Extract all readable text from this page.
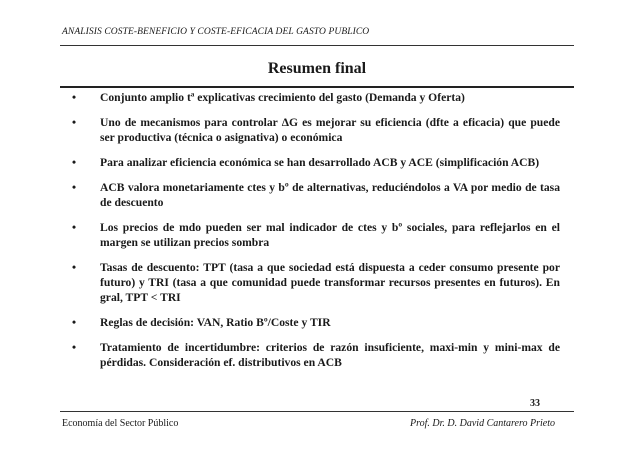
ANALISIS COSTE-BENEFICIO Y COSTE-EFICACIA DEL GASTO PUBLICO
Resumen final
• Conjunto amplio tª explicativas crecimiento del gasto (Demanda y Oferta)
• Uno de mecanismos para controlar ΔG es mejorar su eficiencia (dfte a eficacia) que puede ser productiva (técnica o asignativa) o económica
• Para analizar eficiencia económica se han desarrollado ACB y ACE (simplificación ACB)
• ACB valora monetariamente ctes y bº de alternativas, reduciéndolos a VA por medio de tasa de descuento
• Los precios de mdo pueden ser mal indicador de ctes y bº sociales, para reflejarlos en el margen se utilizan precios sombra
• Tasas de descuento: TPT (tasa a que sociedad está dispuesta a ceder consumo presente por futuro) y TRI (tasa a que comunidad puede transformar recursos presentes en futuros). En gral, TPT < TRI
• Reglas de decisión: VAN, Ratio Bº/Coste y TIR
• Tratamiento de incertidumbre: criterios de razón insuficiente, maxi-min y mini-max de pérdidas. Consideración ef. distributivos en ACB
33
Economía del Sector Público	Prof. Dr. D. David Cantarero Prieto
